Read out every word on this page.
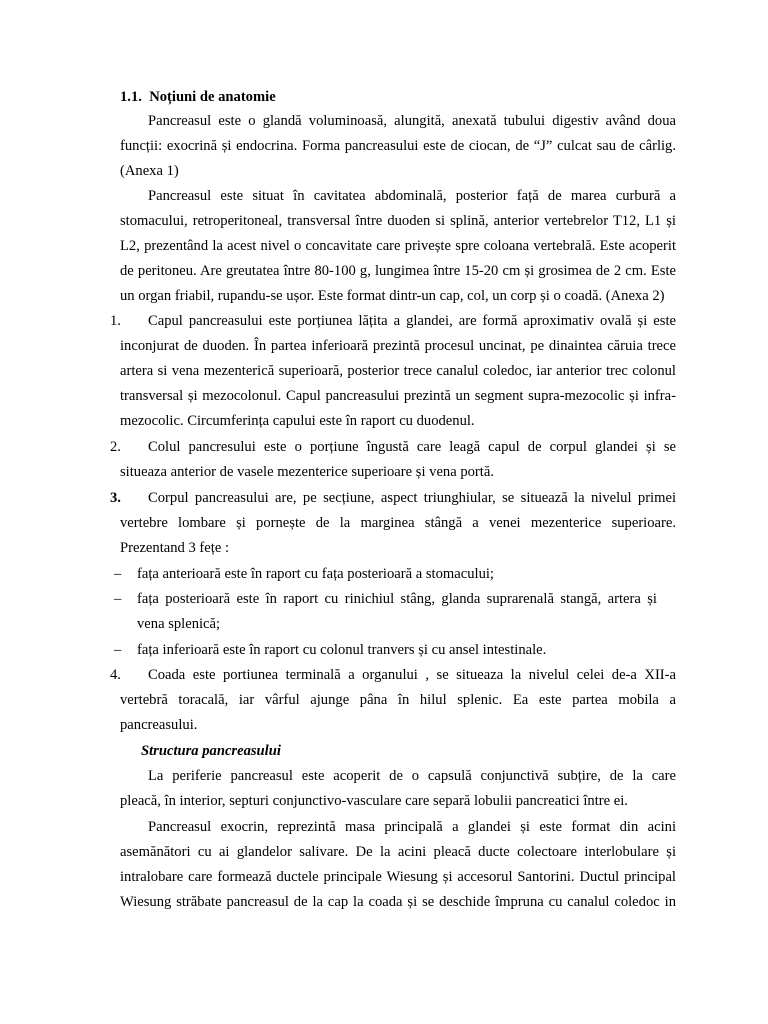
1.1. Noțiuni de anatomie
Pancreasul este o glandă voluminoasă, alungită, anexată tubului digestiv având doua
funcții: exocrină și endocrina. Forma pancreasului este de ciocan, de “J” culcat sau de cârlig.
(Anexa 1)
Pancreasul este situat în cavitatea abdominală, posterior față de marea curbură a
stomacului, retroperitoneal, transversal între duoden si splină, anterior vertebrelor T12, L1 și
L2, prezentând la acest nivel o concavitate care privește spre coloana vertebrală. Este acoperit
de peritoneu. Are greutatea între 80-100 g, lungimea între 15-20 cm și grosimea de 2 cm. Este
un organ friabil, rupandu-se ușor. Este format dintr-un cap, col, un corp și o coadă. (Anexa 2)
1. Capul pancreasului este porțiunea lățita a glandei, are formă aproximativ ovală și este
inconjurat de duoden. În partea inferioară prezintă procesul uncinat, pe dinaintea căruia trece
artera si vena mezenterică superioară, posterior trece canalul coledoc, iar anterior trec colonul
transversal și mezocolonul. Capul pancreasului prezintă un segment supra-mezocolic și infra-
mezocolic. Circumferința capului este în raport cu duodenul.
2. Colul pancresului este o porțiune îngustă care leagă capul de corpul glandei și se
situeaza anterior de vasele mezenterice superioare și vena portă.
3. Corpul pancreasului are, pe secțiune, aspect triunghiular, se situează la nivelul primei
vertebre lombare și pornește de la marginea stângă a venei mezenterice superioare.
Prezentand 3 fețe :
– fața anterioară este în raport cu fața posterioară a stomacului;
– fața posterioară este în raport cu rinichiul stâng, glanda suprarenală stangă, artera și
vena splenică;
– fața inferioară este în raport cu colonul tranvers și cu ansel intestinale.
4. Coada este portiunea terminală a organului , se situeaza la nivelul celei de-a XII-a
vertebră toracală, iar vârful ajunge pâna în hilul splenic. Ea este partea mobila a
pancreasului.
Structura pancreasului
La periferie pancreasul este acoperit de o capsulă conjunctivă subțire, de la care
pleacă, în interior, septuri conjunctivo-vasculare care separă lobulii pancreatici între ei.
Pancreasul exocrin, reprezintă masa principală a glandei și este format din acini
asemănători cu ai glandelor salivare. De la acini pleacă ducte colectoare interlobulare și
intralobare care formează ductele principale Wiesung și accesorul Santorini. Ductul principal
Wiesung străbate pancreasul de la cap la coada și se deschide împruna cu canalul coledoc in
